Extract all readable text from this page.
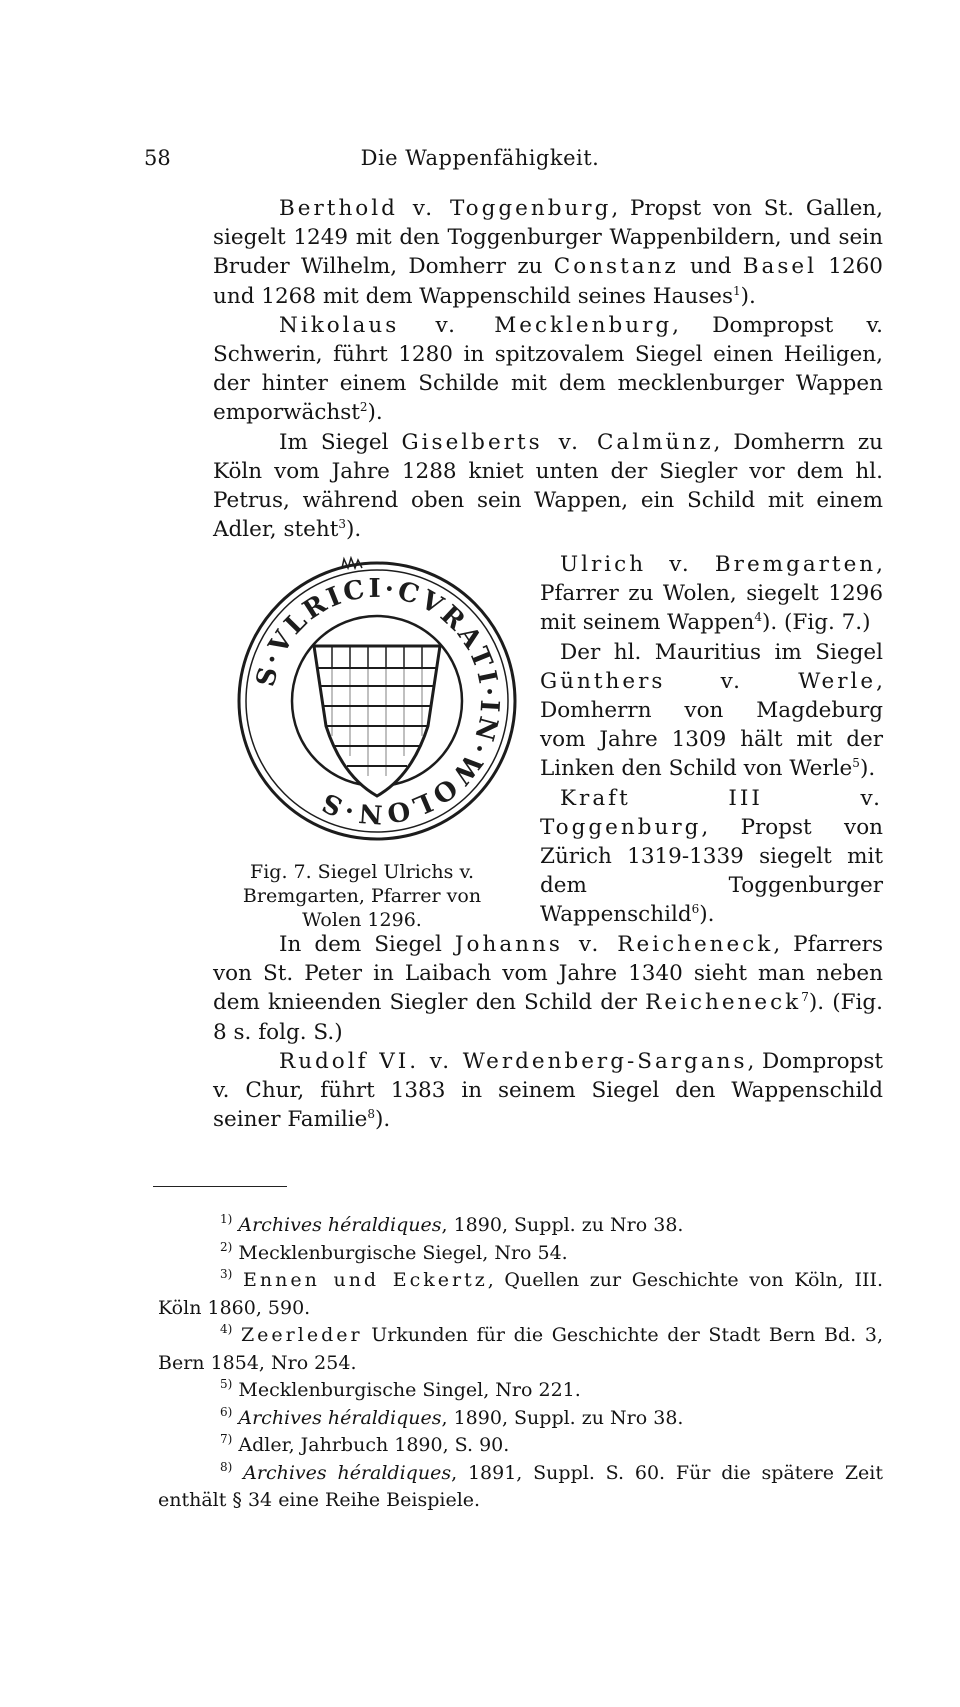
58	Die Wappenfähigkeit.

Berthold v. Toggenburg, Propst von St. Gallen, siegelt 1249 mit den Toggenburger Wappenbildern, und sein Bruder Wilhelm, Domherr zu Constanz und Basel 1260 und 1268 mit dem Wappenschild seines Hauses$^1$).

Nikolaus v. Mecklenburg, Dompropst v. Schwerin, führt 1280 in spitzovalem Siegel einen Heiligen, der hinter einem Schilde mit dem mecklenburger Wappen emporwächst$^2$).

Im Siegel Giselberts v. Calmünz, Domherrn zu Köln vom Jahre 1288 kniet unten der Siegler vor dem hl. Petrus, während oben sein Wappen, ein Schild mit einem Adler, steht$^3$).

Ulrich v. Bremgarten, Pfarrer zu Wolen, siegelt 1296 mit seinem Wappen$^4$). (Fig. 7.)

Der hl. Mauritius im Siegel Günthers v. Werle, Domherrn von Magdeburg vom Jahre 1309 hält mit der Linken den Schild von Werle$^5$).

Kraft III v. Toggenburg, Propst von Zürich 1319-1339 siegelt mit dem Toggenburger Wappenschild$^6$).

S·VLRICI·CVRATI·IN·WOLON·S
Fig. 7. Siegel Ulrichs v. Bremgarten, Pfarrer von Wolen 1296.

In dem Siegel Johanns v. Reicheneck, Pfarrers von St. Peter in Laibach vom Jahre 1340 sieht man neben dem knieenden Siegler den Schild der Reicheneck$^7$). (Fig. 8 s. folg. S.)

Rudolf VI. v. Werdenberg-Sargans, Dompropst v. Chur, führt 1383 in seinem Siegel den Wappenschild seiner Familie$^8$).

$^{1)}$ Archives héraldiques, 1890, Suppl. zu Nro 38.

$^{2)}$ Mecklenburgische Siegel, Nro 54.

$^{3)}$ Ennen und Eckertz, Quellen zur Geschichte von Köln, III. Köln 1860, 590.

$^{4)}$ Zeerleder Urkunden für die Geschichte der Stadt Bern Bd. 3, Bern 1854, Nro 254.

$^{5)}$ Mecklenburgische Singel, Nro 221.

$^{6)}$ Archives héraldiques, 1890, Suppl. zu Nro 38.

$^{7)}$ Adler, Jahrbuch 1890, S. 90.

$^{8)}$ Archives héraldiques, 1891, Suppl. S. 60. Für die spätere Zeit enthält § 34 eine Reihe Beispiele.
